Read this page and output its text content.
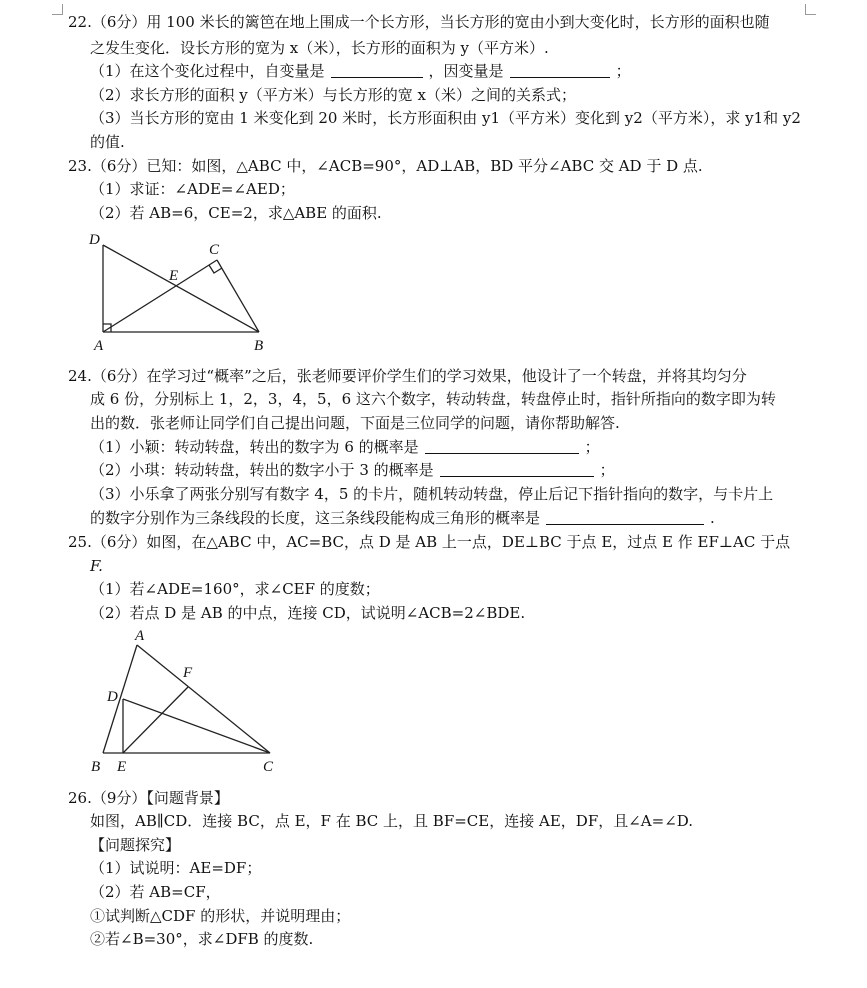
22.（6分）用 100 米长的篱笆在地上围成一个长方形，当长方形的宽由小到大变化时，长方形的面积也随
之发生变化．设长方形的宽为 x（米），长方形的面积为 y（平方米）.
（1）在这个变化过程中，自变量是	，因变量是	；
（2）求长方形的面积 y（平方米）与长方形的宽 x（米）之间的关系式；
（3）当长方形的宽由 1 米变化到 20 米时，长方形面积由 y1（平方米）变化到 y2（平方米），求 y1和 y2
的值.
23.（6分）已知：如图，△ABC 中，∠ACB=90°，AD⊥AB，BD 平分∠ABC 交 AD 于 D 点.
（1）求证：∠ADE=∠AED；
（2）若 AB=6，CE=2，求△ABE 的面积.
D
C
E
A	B
24.（6分）在学习过“概率”之后，张老师要评价学生们的学习效果，他设计了一个转盘，并将其均匀分
成 6 份，分别标上 1，2，3，4，5，6 这六个数字，转动转盘，转盘停止时，指针所指向的数字即为转
出的数．张老师让同学们自己提出问题，下面是三位同学的问题，请你帮助解答.
（1）小颖：转动转盘，转出的数字为 6 的概率是	；
（2）小琪：转动转盘，转出的数字小于 3 的概率是	；
（3）小乐拿了两张分别写有数字 4，5 的卡片，随机转动转盘，停止后记下指针指向的数字，与卡片上
的数字分别作为三条线段的长度，这三条线段能构成三角形的概率是	.
25.（6分）如图，在△ABC 中，AC=BC，点 D 是 AB 上一点，DE⊥BC 于点 E，过点 E 作 EF⊥AC 于点
F.
（1）若∠ADE=160°，求∠CEF 的度数；
（2）若点 D 是 AB 的中点，连接 CD，试说明∠ACB=2∠BDE.
A
F
D
B E	C
26.（9分）【问题背景】
如图，AB∥CD．连接 BC，点 E，F 在 BC 上，且 BF=CE，连接 AE，DF，且∠A=∠D.
【问题探究】
（1）试说明：AE=DF；
（2）若 AB=CF，
①试判断△CDF 的形状，并说明理由；
②若∠B=30°，求∠DFB 的度数.
